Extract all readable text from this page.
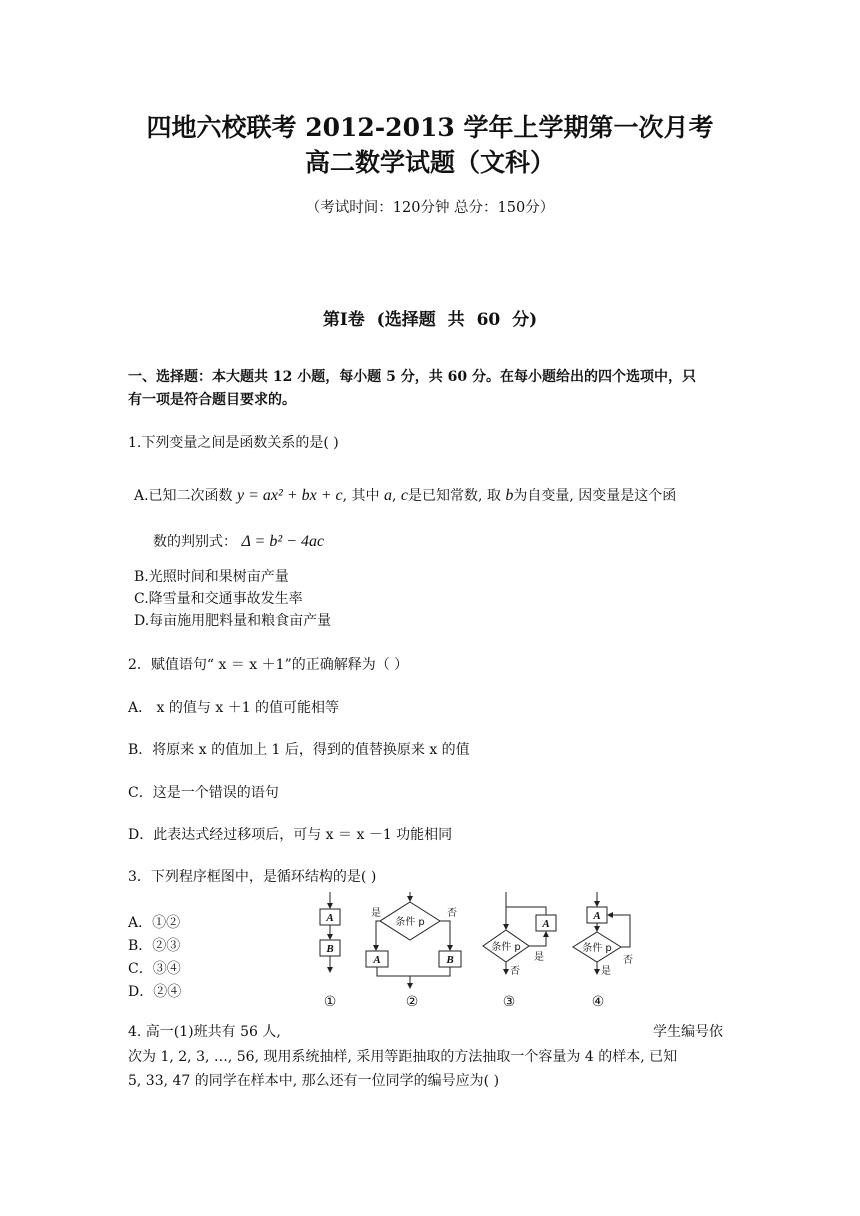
四地六校联考 2012-2013 学年上学期第一次月考
高二数学试题（文科）
（考试时间：120分钟 总分：150分）
第Ⅰ卷 (选择题 共 60 分)
一、选择题：本大题共 12 小题，每小题 5 分，共 60 分。在每小题给出的四个选项中，只
有一项是符合题目要求的。
1.下列变量之间是函数关系的是( )
A.已知二次函数 y = ax² + bx + c, 其中 a, c是已知常数, 取 b为自变量, 因变量是这个函
数的判别式： Δ = b² − 4ac
B.光照时间和果树亩产量
C.降雪量和交通事故发生率
D.每亩施用肥料量和粮食亩产量
2．赋值语句“ x ＝ x ＋1”的正确解释为（ ）
A． x 的值与 x ＋1 的值可能相等
B．将原来 x 的值加上 1 后，得到的值替换原来 x 的值
C．这是一个错误的语句
D．此表达式经过移项后，可与 x ＝ x －1 功能相同
3．下列程序框图中，是循环结构的是( )
A．①②
B．②③
C．③④
D．②④
A
B
条件 p
是	否
A	B
条件 p
A
是
否
A
条件 p
否
是
①	②	③	④
4. 高一(1)班共有 56 人,	学生编号依
次为 1, 2, 3, …, 56, 现用系统抽样, 采用等距抽取的方法抽取一个容量为 4 的样本, 已知
5, 33, 47 的同学在样本中, 那么还有一位同学的编号应为( )
